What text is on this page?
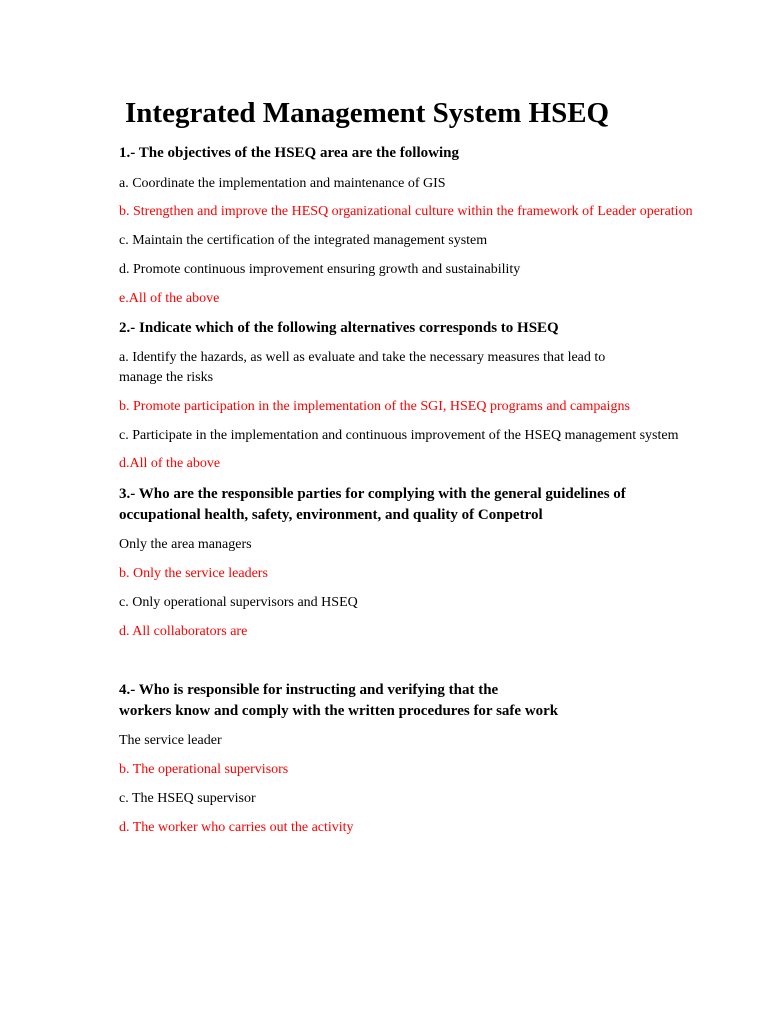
Integrated Management System HSEQ

1.- The objectives of the HSEQ area are the following

a. Coordinate the implementation and maintenance of GIS

b. Strengthen and improve the HESQ organizational culture within the framework of Leader operation

c. Maintain the certification of the integrated management system

d. Promote continuous improvement ensuring growth and sustainability

e.All of the above

2.- Indicate which of the following alternatives corresponds to HSEQ

a. Identify the hazards, as well as evaluate and take the necessary measures that lead to

manage the risks

b. Promote participation in the implementation of the SGI, HSEQ programs and campaigns

c. Participate in the implementation and continuous improvement of the HSEQ management system

d.All of the above

3.- Who are the responsible parties for complying with the general guidelines of

occupational health, safety, environment, and quality of Conpetrol

Only the area managers

b. Only the service leaders

c. Only operational supervisors and HSEQ

d. All collaborators are

4.- Who is responsible for instructing and verifying that the

workers know and comply with the written procedures for safe work

The service leader

b. The operational supervisors

c. The HSEQ supervisor

d. The worker who carries out the activity
